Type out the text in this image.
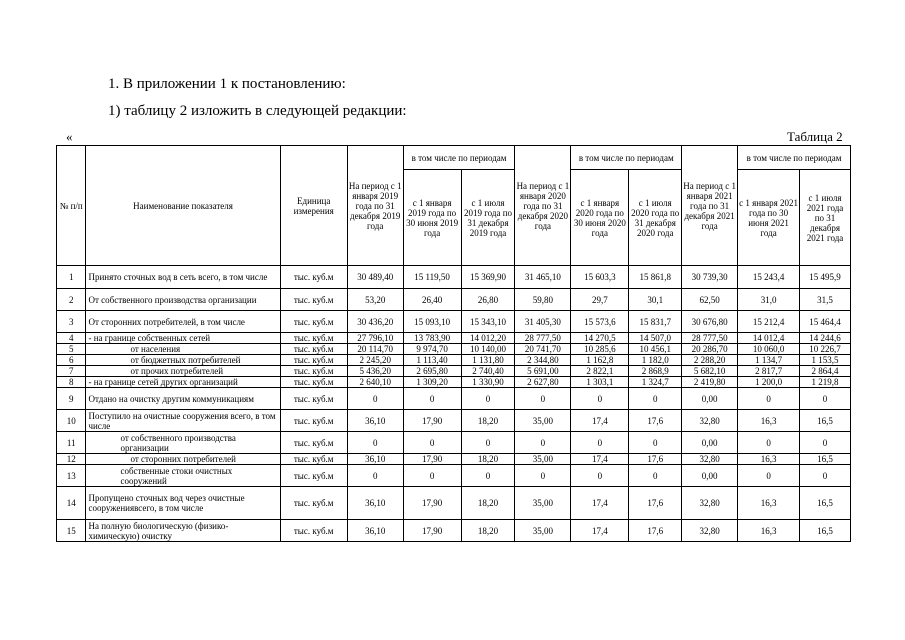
1. В приложении 1 к постановлению:
1) таблицу 2 изложить в следующей редакции:
«	Таблица 2
№ п/п	Наименование показателя	Единица измерения	На период с 1 января 2019 года по 31 декабря 2019 года	в том числе по периодам		На период с 1 января 2020 года по 31 декабря 2020 года	в том числе по периодам		На период с 1 января 2021 года по 31 декабря 2021 года	в том числе по периодам	
				с 1 января 2019 года по 30 июня 2019 года	с 1 июля 2019 года по 31 декабря 2019 года		с 1 января 2020 года по 30 июня 2020 года	с 1 июля 2020 года по 31 декабря 2020 года		с 1 января 2021 года по 30 июня 2021 года	с 1 июля 2021 года по 31 декабря 2021 года
1	Принято сточных вод в сеть всего, в том числе	тыс. куб.м	30 489,40	15 119,50	15 369,90	31 465,10	15 603,3	15 861,8	30 739,30	15 243,4	15 495,9
2	От собственного производства организации	тыс. куб.м	53,20	26,40	26,80	59,80	29,7	30,1	62,50	31,0	31,5
3	От сторонних потребителей, в том числе	тыс. куб.м	30 436,20	15 093,10	15 343,10	31 405,30	15 573,6	15 831,7	30 676,80	15 212,4	15 464,4
4	- на границе собственных сетей	тыс. куб.м	27 796,10	13 783,90	14 012,20	28 777,50	14 270,5	14 507,0	28 777,50	14 012,4	14 244,6
5	от населения	тыс. куб.м	20 114,70	9 974,70	10 140,00	20 741,70	10 285,6	10 456,1	20 286,70	10 060,0	10 226,7
6	от бюджетных потребителей	тыс. куб.м	2 245,20	1 113,40	1 131,80	2 344,80	1 162,8	1 182,0	2 288,20	1 134,7	1 153,5
7	от прочих потребителей	тыс. куб.м	5 436,20	2 695,80	2 740,40	5 691,00	2 822,1	2 868,9	5 682,10	2 817,7	2 864,4
8	- на границе сетей других организаций	тыс. куб.м	2 640,10	1 309,20	1 330,90	2 627,80	1 303,1	1 324,7	2 419,80	1 200,0	1 219,8
9	Отдано на очистку другим коммуникациям	тыс. куб.м	0	0	0	0	0	0	0,00	0	0
10	Поступило на очистные сооружения всего, в том числе	тыс. куб.м	36,10	17,90	18,20	35,00	17,4	17,6	32,80	16,3	16,5
11	от собственного производства организации	тыс. куб.м	0	0	0	0	0	0	0,00	0	0
12	от сторонних потребителей	тыс. куб.м	36,10	17,90	18,20	35,00	17,4	17,6	32,80	16,3	16,5
13	собственные стоки очистных сооружений	тыс. куб.м	0	0	0	0	0	0	0,00	0	0
14	Пропущено сточных вод через очистные сооружениявсего, в том числе	тыс. куб.м	36,10	17,90	18,20	35,00	17,4	17,6	32,80	16,3	16,5
15	На полную биологическую (физико-химическую) очистку	тыс. куб.м	36,10	17,90	18,20	35,00	17,4	17,6	32,80	16,3	16,5
